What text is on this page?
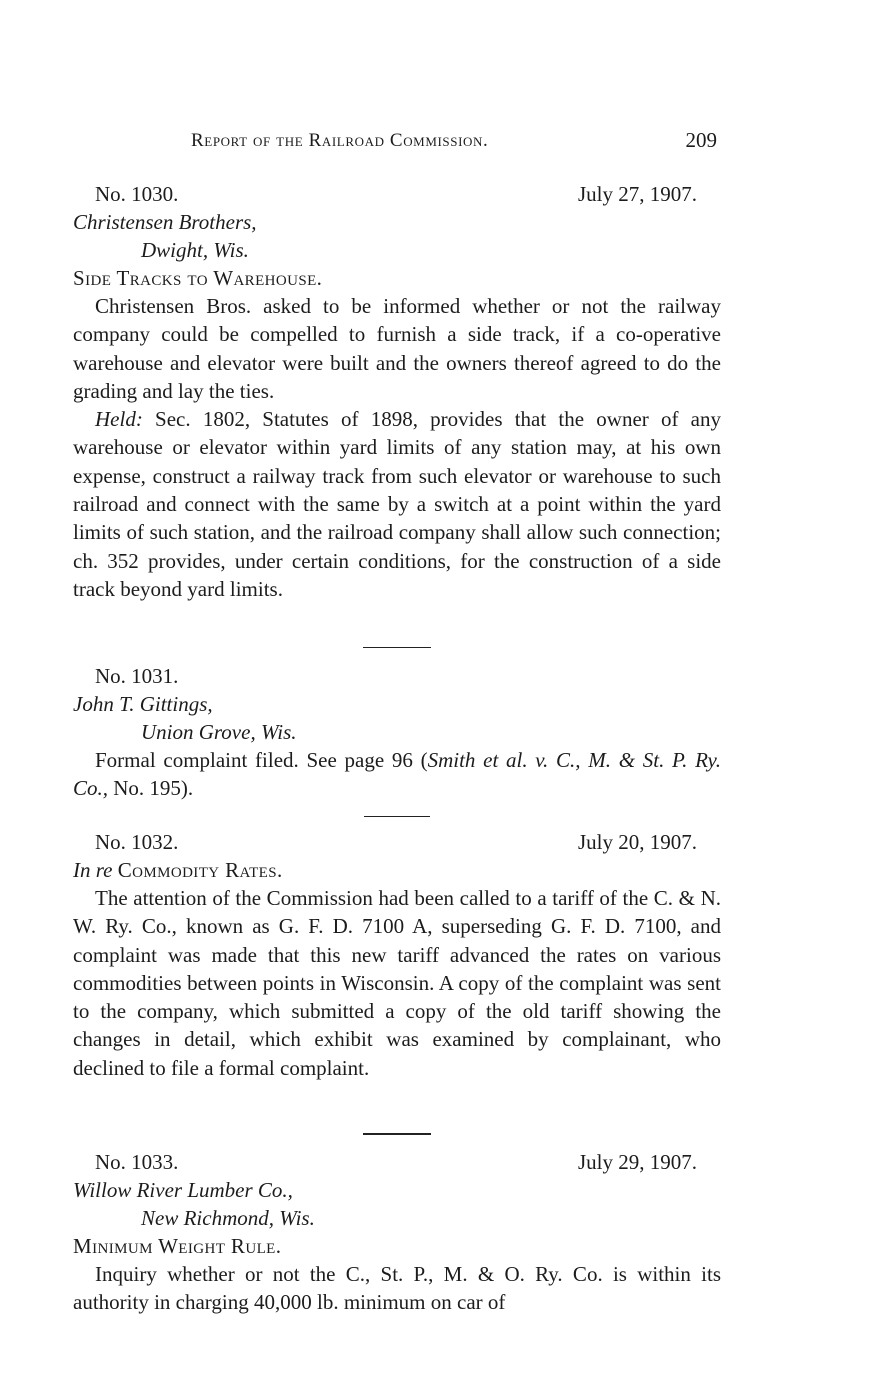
Report of the Railroad Commission.	209
No. 1030.	July 27, 1907.
Christensen Brothers,
Dwight, Wis.
Side Tracks to Warehouse.
Christensen Bros. asked to be informed whether or not the railway company could be compelled to furnish a side track, if a co-operative warehouse and elevator were built and the owners thereof agreed to do the grading and lay the ties.
Held: Sec. 1802, Statutes of 1898, provides that the owner of any warehouse or elevator within yard limits of any station may, at his own expense, construct a railway track from such elevator or warehouse to such railroad and connect with the same by a switch at a point within the yard limits of such station, and the railroad company shall allow such connection; ch. 352 provides, under certain conditions, for the construction of a side track beyond yard limits.
No. 1031.
John T. Gittings,
Union Grove, Wis.
Formal complaint filed. See page 96 (Smith et al. v. C., M. & St. P. Ry. Co., No. 195).
No. 1032.	July 20, 1907.
In re Commodity Rates.
The attention of the Commission had been called to a tariff of the C. & N. W. Ry. Co., known as G. F. D. 7100 A, superseding G. F. D. 7100, and complaint was made that this new tariff advanced the rates on various commodities between points in Wisconsin. A copy of the complaint was sent to the company, which submitted a copy of the old tariff showing the changes in detail, which exhibit was examined by complainant, who declined to file a formal complaint.
No. 1033.	July 29, 1907.
Willow River Lumber Co.,
New Richmond, Wis.
Minimum Weight Rule.
Inquiry whether or not the C., St. P., M. & O. Ry. Co. is within its authority in charging 40,000 lb. minimum on car of
